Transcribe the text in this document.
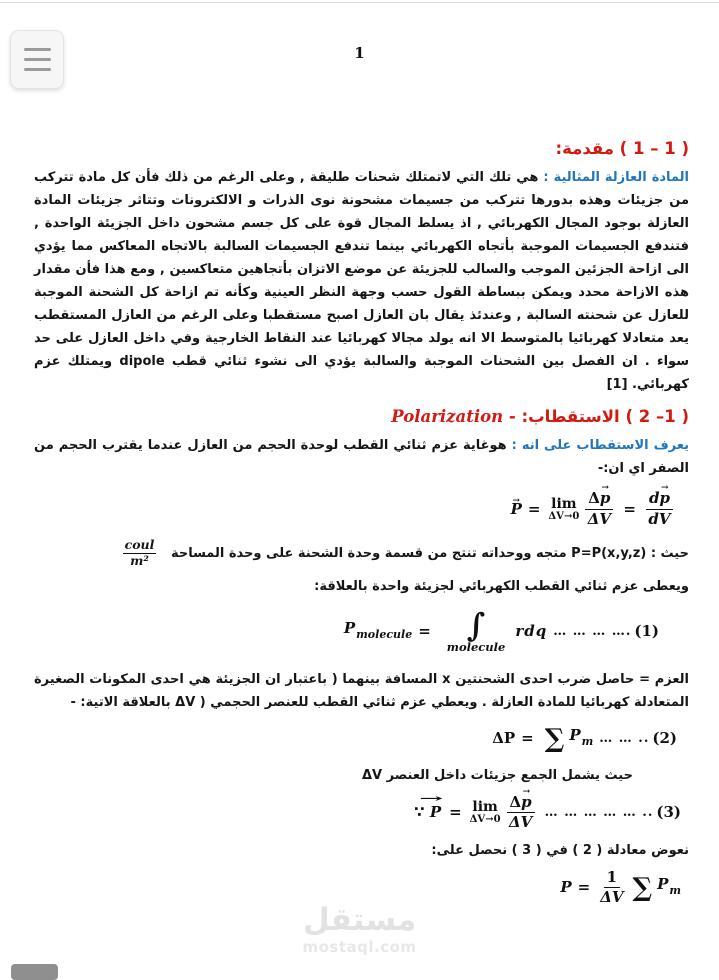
1
( 1 – 1 ) مقدمة:

المادة العازلة المثالية : هي تلك التي لاتمتلك شحنات طليقة , وعلى الرغم من ذلك فأن كل مادة تتركب من جزيئات وهذه بدورها تتركب من جسيمات مشحونة نوى الذرات و الالكترونات وتتاثر جزيئات المادة العازلة بوجود المجال الكهربائي , اذ يسلط المجال قوة على كل جسم مشحون داخل الجزيئة الواحدة , فتندفع الجسيمات الموجبة بأتجاه الكهربائي بينما تندفع الجسيمات السالبة بالاتجاه المعاكس مما يؤدي الى ازاحة الجزئين الموجب والسالب للجزيئة عن موضع الاتزان بأتجاهين متعاكسين , ومع هذا فأن مقدار هذه الازاحة محدد ويمكن ببساطة القول حسب وجهة النظر العينية وكأنه تم ازاحة كل الشحنة الموجبة للعازل عن شحنته السالبة , وعندئذ يقال بان العازل اصبح مستقطبا وعلى الرغم من العازل المستقطب يعد متعادلا كهربائيا بالمتوسط الا انه يولد مجالا كهربائيا عند النقاط الخارجية وفي داخل العازل على حد سواء . ان الفصل بين الشحنات الموجبة والسالبة يؤدي الى نشوء ثنائي قطب dipole ويمتلك عزم كهربائي. [1]

( 1– 2 ) الاستقطاب: - Polarization

يعرف الاستقطاب على انه : هوغاية عزم ثنائي القطب لوحدة الحجم من العازل عندما يقترب الحجم من الصفر اي ان:-

P → = lim
$\Delta V\to 0 \frac{\Delta p \to}{\Delta V} = \frac{dp \to}{dV}$
حيث : P=P(x,y,z) متجه ووحداته تنتج من قسمة وحدة الشحنة على وحدة المساحة
coul
m²
ويعطى عزم ثنائي القطب الكهربائي لجزيئة واحدة بالعلاقة:
$P_{molecule}$ = ∫
molecule
rdq … … … …. (1)

العزم = حاصل ضرب احدى الشحنتين x المسافة بينهما ( باعتبار ان الجزيئة هي احدى المكونات الصغيرة المتعادلة كهربائيا للمادة العازلة . ويعطي عزم ثنائي القطب للعنصر الحجمي ( ΔV بالعلاقة الاتية: -

ΔP = ∑ $P_m$ … … .. (2)
حيث يشمل الجمع جزيئات داخل العنصر ΔV
∵ P → = lim
$\Delta V\to 0 \frac{\Delta p \to}{\Delta V}$ … … … … … .. (3)
نعوض معادلة ( 2 ) في ( 3 ) نحصل على:
$P = \frac{1}{\Delta V}$ ∑ $P_m$
مستقل
mostaql.com
